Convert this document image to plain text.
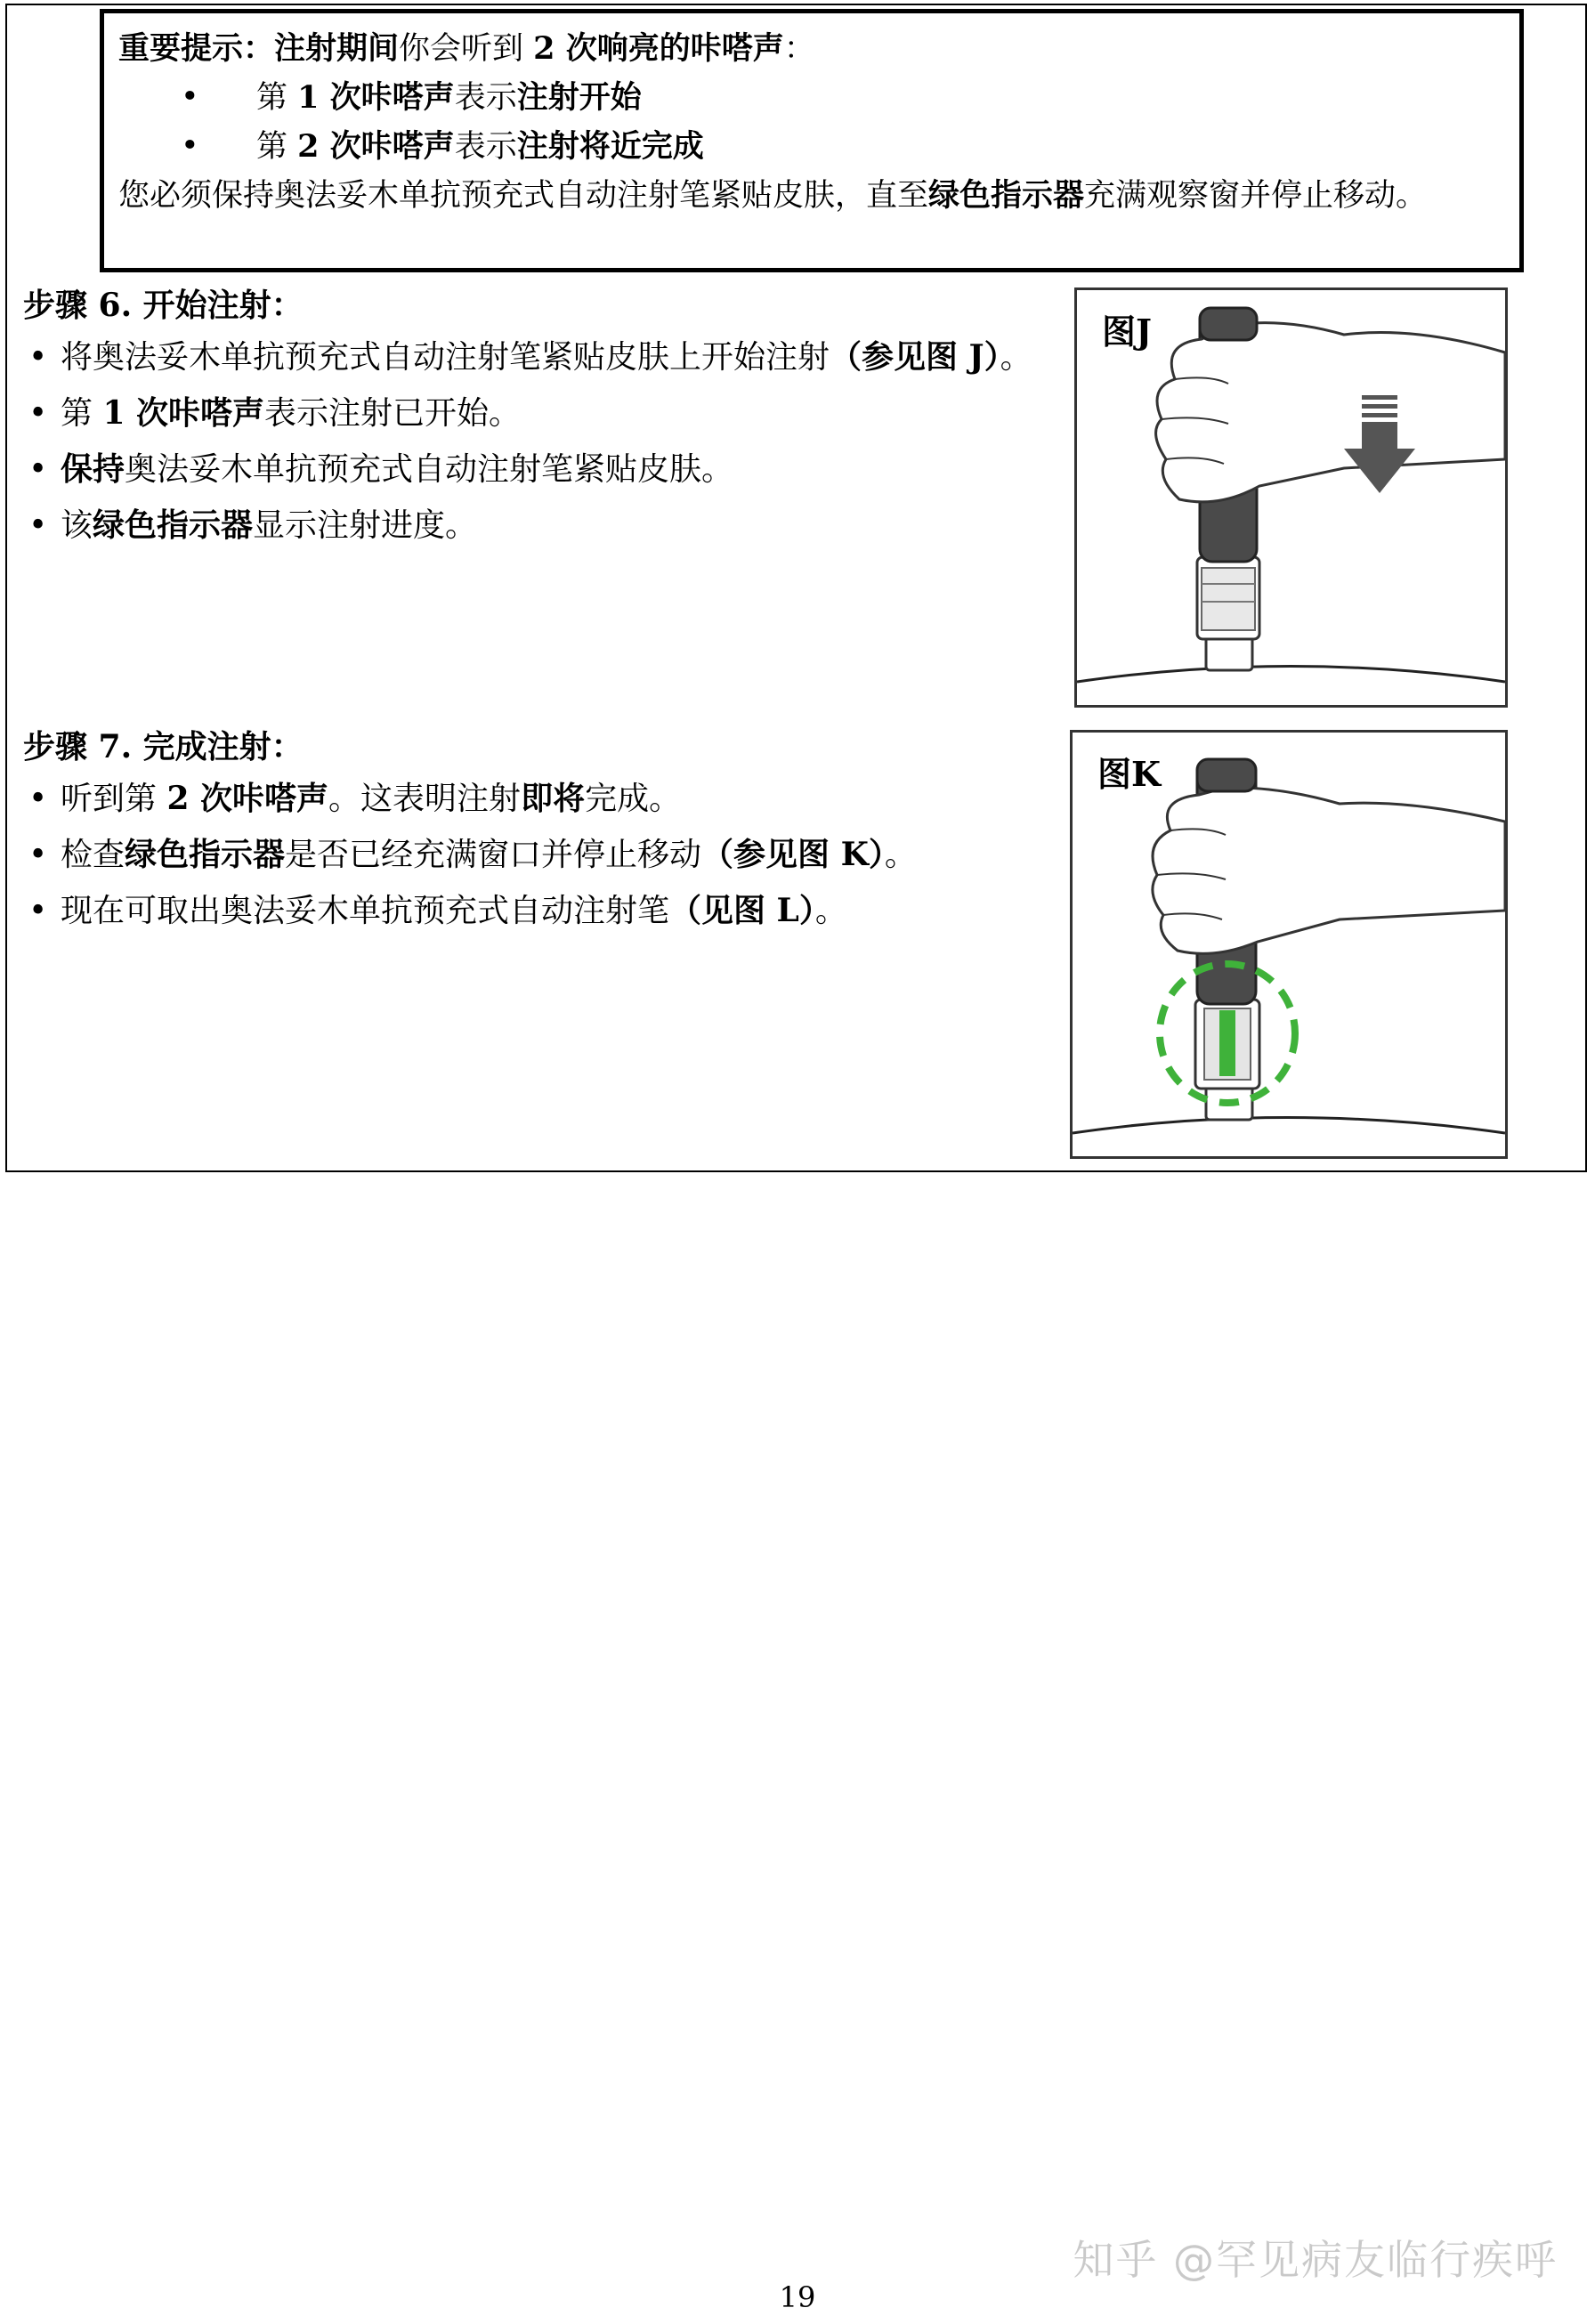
重要提示：注射期间你会听到 2 次响亮的咔嗒声：
• 第 1 次咔嗒声表示注射开始
• 第 2 次咔嗒声表示注射将近完成
您必须保持奥法妥木单抗预充式自动注射笔紧贴皮肤，直至绿色指示器充满观察窗并停止移动。
步骤 6. 开始注射：
• 将奥法妥木单抗预充式自动注射笔紧贴皮肤上开始注射（参见图 J）。
• 第 1 次咔嗒声表示注射已开始。
• 保持奥法妥木单抗预充式自动注射笔紧贴皮肤。
• 该绿色指示器显示注射进度。
步骤 7. 完成注射：
• 听到第 2 次咔嗒声。这表明注射即将完成。
• 检查绿色指示器是否已经充满窗口并停止移动（参见图 K）。
• 现在可取出奥法妥木单抗预充式自动注射笔（见图 L）。
图J
图K
知乎 @罕见病友临行疾呼
19
